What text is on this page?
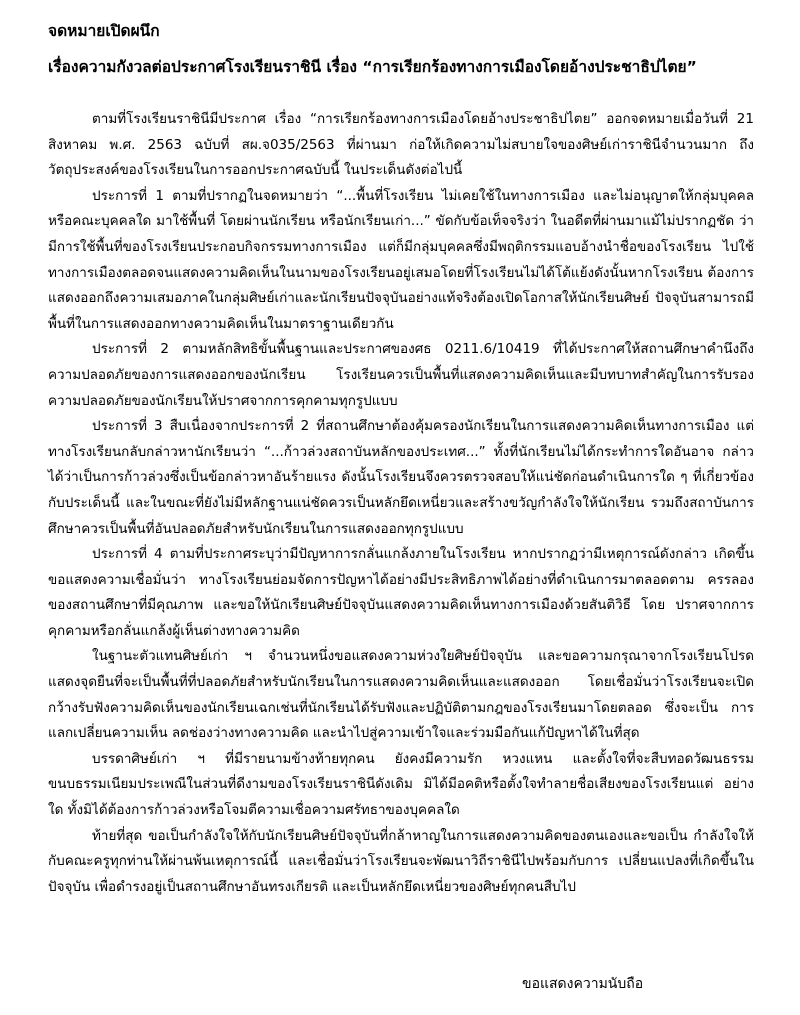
จดหมายเปิดผนึก
เรื่องความกังวลต่อประกาศโรงเรียนราชินี เรื่อง “การเรียกร้องทางการเมืองโดยอ้างประชาธิปไตย”

ตามที่โรงเรียนราชินีมีประกาศ เรื่อง “การเรียกร้องทางการเมืองโดยอ้างประชาธิปไตย” ออกจดหมายเมื่อวันที่ 21 สิงหาคม พ.ศ. 2563 ฉบับที่ สผ.จ035/2563 ที่ผ่านมา ก่อให้เกิดความไม่สบายใจของศิษย์เก่าราชินีจำนวนมาก ถึงวัตถุประสงค์ของโรงเรียนในการออกประกาศฉบับนี้ ในประเด็นดังต่อไปนี้

ประการที่ 1 ตามที่ปรากฏในจดหมายว่า “...พื้นที่โรงเรียน ไม่เคยใช้ในทางการเมือง และไม่อนุญาตให้กลุ่มบุคคล หรือคณะบุคคลใด มาใช้พื้นที่ โดยผ่านนักเรียน หรือนักเรียนเก่า...” ขัดกับข้อเท็จจริงว่า ในอดีตที่ผ่านมาแม้ไม่ปรากฏชัด ว่ามีการใช้พื้นที่ของโรงเรียนประกอบกิจกรรมทางการเมือง แต่ก็มีกลุ่มบุคคลซึ่งมีพฤติกรรมแอบอ้างนำชื่อของโรงเรียน ไปใช้ทางการเมืองตลอดจนแสดงความคิดเห็นในนามของโรงเรียนอยู่เสมอโดยที่โรงเรียนไม่ได้โต้แย้งดังนั้นหากโรงเรียน ต้องการแสดงออกถึงความเสมอภาคในกลุ่มศิษย์เก่าและนักเรียนปัจจุบันอย่างแท้จริงต้องเปิดโอกาสให้นักเรียนศิษย์ ปัจจุบันสามารถมีพื้นที่ในการแสดงออกทางความคิดเห็นในมาตราฐานเดียวกัน

ประการที่ 2 ตามหลักสิทธิขั้นพื้นฐานและประกาศของศธ 0211.6/10419 ที่ได้ประกาศให้สถานศึกษาคำนึงถึง ความปลอดภัยของการแสดงออกของนักเรียน โรงเรียนควรเป็นพื้นที่แสดงความคิดเห็นและมีบทบาทสำคัญในการรับรอง ความปลอดภัยของนักเรียนให้ปราศจากการคุกคามทุกรูปแบบ

ประการที่ 3 สืบเนื่องจากประการที่ 2 ที่สถานศึกษาต้องคุ้มครองนักเรียนในการแสดงความคิดเห็นทางการเมือง แต่ทางโรงเรียนกลับกล่าวหานักเรียนว่า “...ก้าวล่วงสถาบันหลักของประเทศ...” ทั้งที่นักเรียนไม่ได้กระทำการใดอันอาจ กล่าวได้ว่าเป็นการก้าวล่วงซึ่งเป็นข้อกล่าวหาอันร้ายแรง ดังนั้นโรงเรียนจึงควรตรวจสอบให้แน่ชัดก่อนดำเนินการใด ๆ ที่เกี่ยวข้องกับประเด็นนี้ และในขณะที่ยังไม่มีหลักฐานแน่ชัดควรเป็นหลักยึดเหนี่ยวและสร้างขวัญกำลังใจให้นักเรียน รวมถึงสถาบันการศึกษาควรเป็นพื้นที่อันปลอดภัยสำหรับนักเรียนในการแสดงออกทุกรูปแบบ

ประการที่ 4 ตามที่ประกาศระบุว่ามีปัญหาการกลั่นแกล้งภายในโรงเรียน หากปรากฏว่ามีเหตุการณ์ดังกล่าว เกิดขึ้น ขอแสดงความเชื่อมั่นว่า ทางโรงเรียนย่อมจัดการปัญหาได้อย่างมีประสิทธิภาพได้อย่างที่ดำเนินการมาตลอดตาม ครรลองของสถานศึกษาที่มีคุณภาพ และขอให้นักเรียนศิษย์ปัจจุบันแสดงความคิดเห็นทางการเมืองด้วยสันติวิธี โดย ปราศจากการคุกคามหรือกลั่นแกล้งผู้เห็นต่างทางความคิด

ในฐานะตัวแทนศิษย์เก่า ฯ จำนวนหนึ่งขอแสดงความห่วงใยศิษย์ปัจจุบัน และขอความกรุณาจากโรงเรียนโปรด แสดงจุดยืนที่จะเป็นพื้นที่ที่ปลอดภัยสำหรับนักเรียนในการแสดงความคิดเห็นและแสดงออก โดยเชื่อมั่นว่าโรงเรียนจะเปิด กว้างรับฟังความคิดเห็นของนักเรียนเฉกเช่นที่นักเรียนได้รับฟังและปฏิบัติตามกฎของโรงเรียนมาโดยตลอด ซึ่งจะเป็น การแลกเปลี่ยนความเห็น ลดช่องว่างทางความคิด และนำไปสู่ความเข้าใจและร่วมมือกันแก้ปัญหาได้ในที่สุด

บรรดาศิษย์เก่า ฯ ที่มีรายนามข้างท้ายทุกคน ยังคงมีความรัก หวงแหน และตั้งใจที่จะสืบทอดวัฒนธรรม ขนบธรรมเนียมประเพณีในส่วนที่ดีงามของโรงเรียนราชินีดังเดิม มิได้มีอคติหรือตั้งใจทำลายชื่อเสียงของโรงเรียนแต่ อย่างใด ทั้งมิได้ต้องการก้าวล่วงหรือโจมตีความเชื่อความศรัทธาของบุคคลใด

ท้ายที่สุด ขอเป็นกำลังใจให้กับนักเรียนศิษย์ปัจจุบันที่กล้าหาญในการแสดงความคิดของตนเองและขอเป็น กำลังใจให้กับคณะครูทุกท่านให้ผ่านพ้นเหตุการณ์นี้ และเชื่อมั่นว่าโรงเรียนจะพัฒนาวิถีราชินีไปพร้อมกับการ เปลี่ยนแปลงที่เกิดขึ้นในปัจจุบัน เพื่อดำรงอยู่เป็นสถานศึกษาอันทรงเกียรติ และเป็นหลักยึดเหนี่ยวของศิษย์ทุกคนสืบไป

ขอแสดงความนับถือ
